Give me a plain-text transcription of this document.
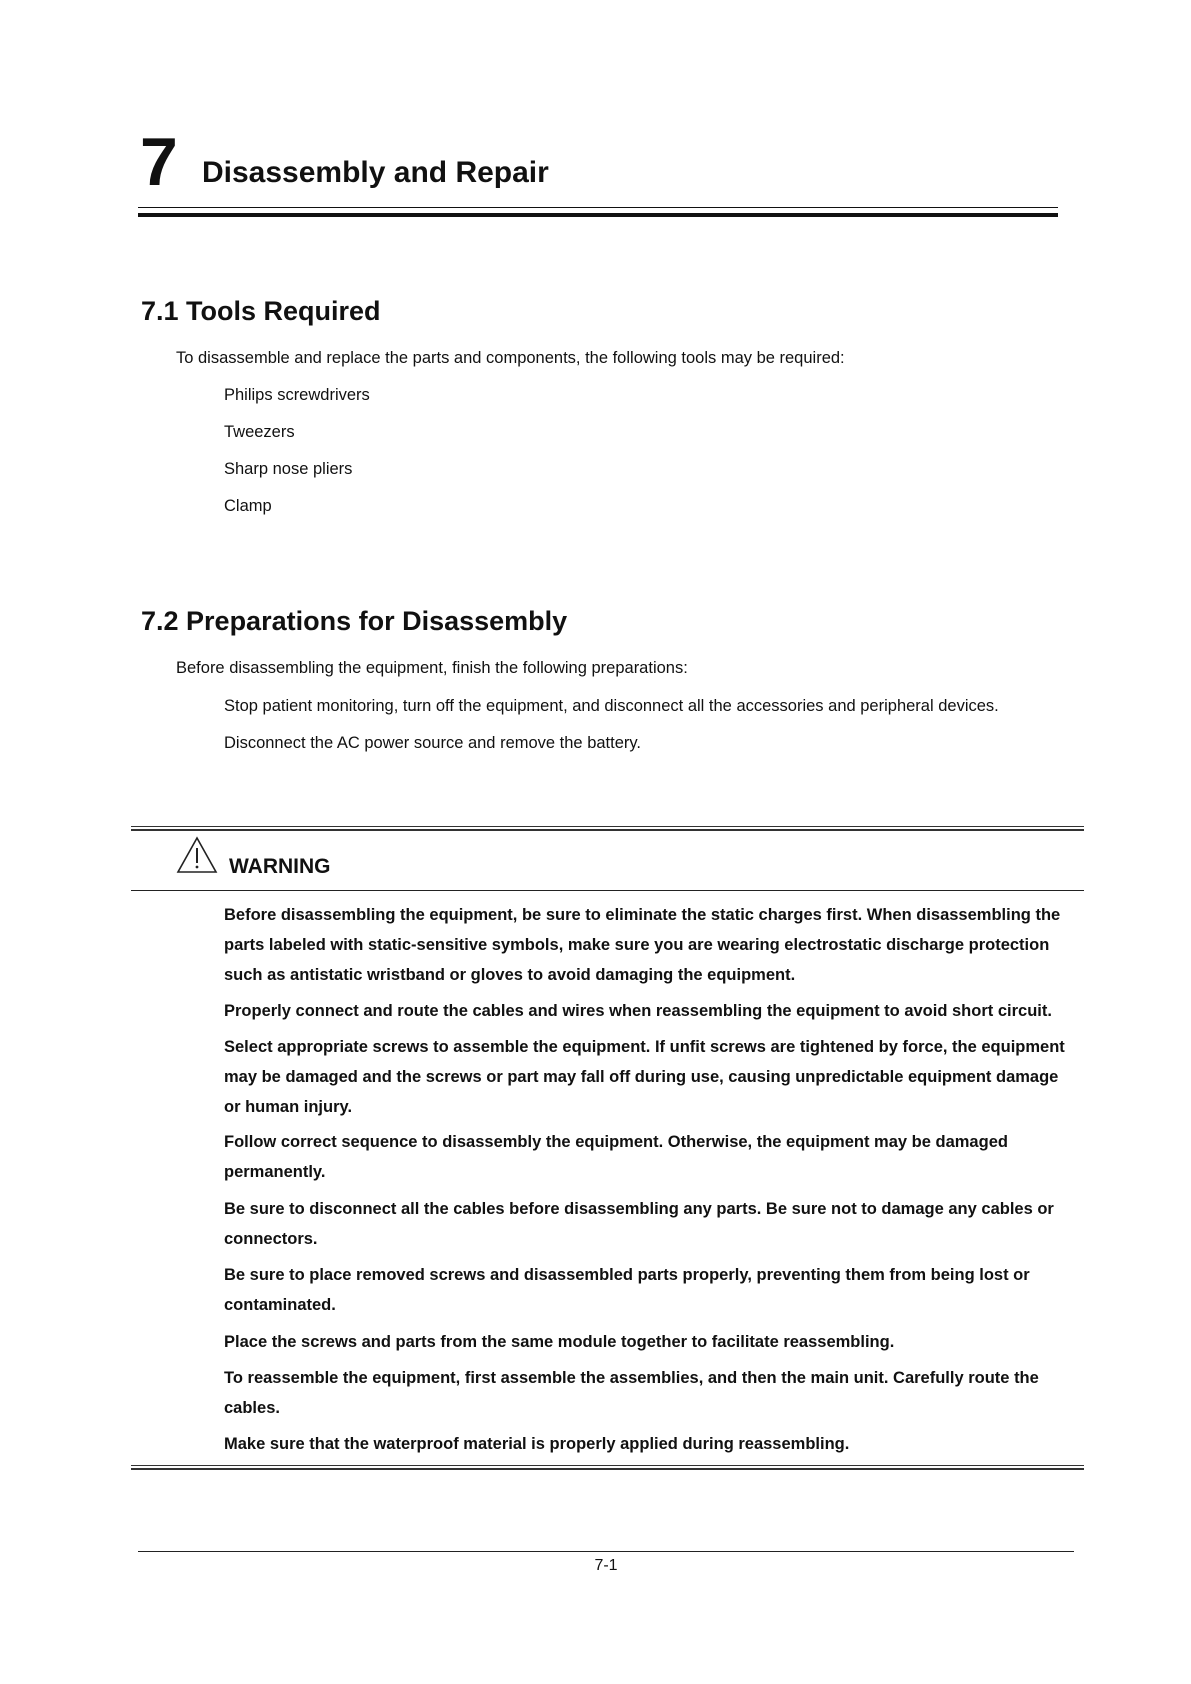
7 Disassembly and Repair
7.1 Tools Required
To disassemble and replace the parts and components, the following tools may be required:
Philips screwdrivers
Tweezers
Sharp nose pliers
Clamp
7.2 Preparations for Disassembly
Before disassembling the equipment, finish the following preparations:
Stop patient monitoring, turn off the equipment, and disconnect all the accessories and peripheral devices.
Disconnect the AC power source and remove the battery.
WARNING
Before disassembling the equipment, be sure to eliminate the static charges first. When disassembling the parts labeled with static-sensitive symbols, make sure you are wearing electrostatic discharge protection such as antistatic wristband or gloves to avoid damaging the equipment.
Properly connect and route the cables and wires when reassembling the equipment to avoid short circuit.
Select appropriate screws to assemble the equipment. If unfit screws are tightened by force, the equipment may be damaged and the screws or part may fall off during use, causing unpredictable equipment damage or human injury.
Follow correct sequence to disassembly the equipment. Otherwise, the equipment may be damaged permanently.
Be sure to disconnect all the cables before disassembling any parts. Be sure not to damage any cables or connectors.
Be sure to place removed screws and disassembled parts properly, preventing them from being lost or contaminated.
Place the screws and parts from the same module together to facilitate reassembling.
To reassemble the equipment, first assemble the assemblies, and then the main unit. Carefully route the cables.
Make sure that the waterproof material is properly applied during reassembling.
7-1
